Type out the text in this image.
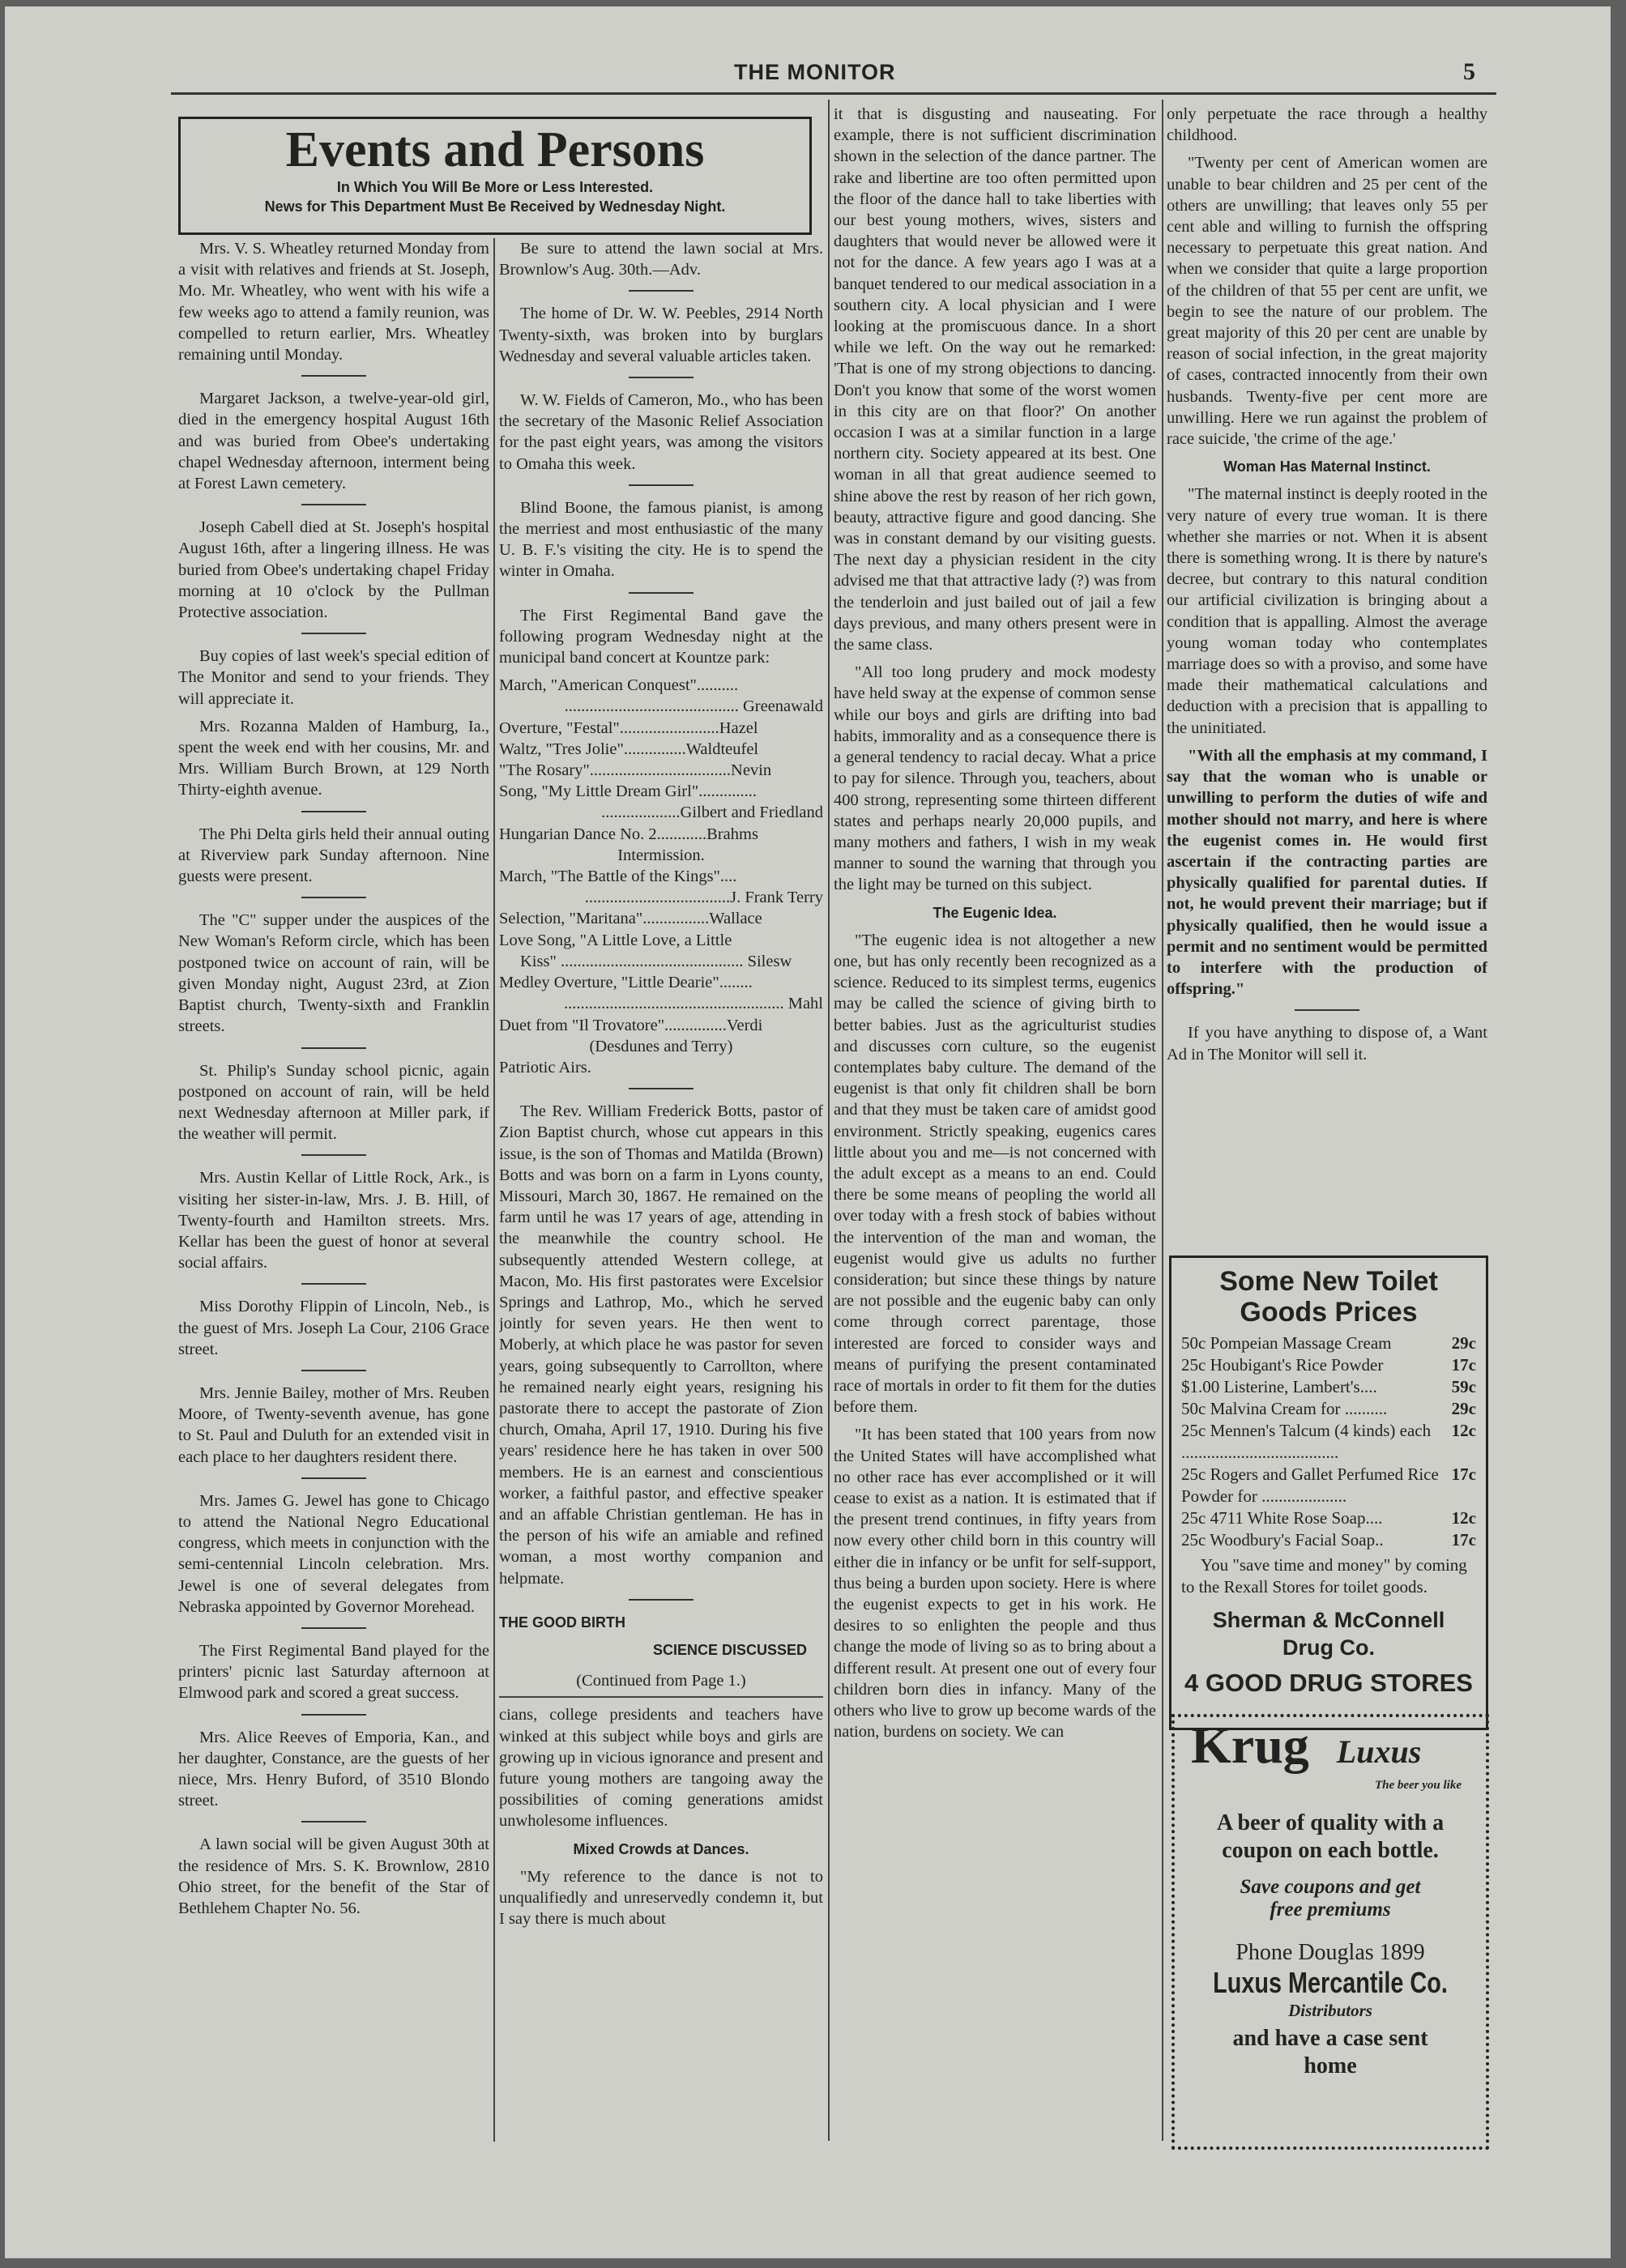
THE MONITOR	5
Events and Persons
In Which You Will Be More or Less Interested.
News for This Department Must Be Received by Wednesday Night.

Mrs. V. S. Wheatley returned Monday from a visit with relatives and friends at St. Joseph, Mo. Mr. Wheatley, who went with his wife a few weeks ago to attend a family reunion, was compelled to return earlier, Mrs. Wheatley remaining until Monday.

Margaret Jackson, a twelve-year-old girl, died in the emergency hospital August 16th and was buried from Obee's undertaking chapel Wednesday afternoon, interment being at Forest Lawn cemetery.

Joseph Cabell died at St. Joseph's hospital August 16th, after a lingering illness. He was buried from Obee's undertaking chapel Friday morning at 10 o'clock by the Pullman Protective association.

Buy copies of last week's special edition of The Monitor and send to your friends. They will appreciate it.

Mrs. Rozanna Malden of Hamburg, Ia., spent the week end with her cousins, Mr. and Mrs. William Burch Brown, at 129 North Thirty-eighth avenue.

The Phi Delta girls held their annual outing at Riverview park Sunday afternoon. Nine guests were present.

The "C" supper under the auspices of the New Woman's Reform circle, which has been postponed twice on account of rain, will be given Monday night, August 23rd, at Zion Baptist church, Twenty-sixth and Franklin streets.

St. Philip's Sunday school picnic, again postponed on account of rain, will be held next Wednesday afternoon at Miller park, if the weather will permit.

Mrs. Austin Kellar of Little Rock, Ark., is visiting her sister-in-law, Mrs. J. B. Hill, of Twenty-fourth and Hamilton streets. Mrs. Kellar has been the guest of honor at several social affairs.

Miss Dorothy Flippin of Lincoln, Neb., is the guest of Mrs. Joseph La Cour, 2106 Grace street.

Mrs. Jennie Bailey, mother of Mrs. Reuben Moore, of Twenty-seventh avenue, has gone to St. Paul and Duluth for an extended visit in each place to her daughters resident there.

Mrs. James G. Jewel has gone to Chicago to attend the National Negro Educational congress, which meets in conjunction with the semi-centennial Lincoln celebration. Mrs. Jewel is one of several delegates from Nebraska appointed by Governor Morehead.

The First Regimental Band played for the printers' picnic last Saturday afternoon at Elmwood park and scored a great success.

Mrs. Alice Reeves of Emporia, Kan., and her daughter, Constance, are the guests of her niece, Mrs. Henry Buford, of 3510 Blondo street.

A lawn social will be given August 30th at the residence of Mrs. S. K. Brownlow, 2810 Ohio street, for the benefit of the Star of Bethlehem Chapter No. 56.

Be sure to attend the lawn social at Mrs. Brownlow's Aug. 30th.—Adv.

The home of Dr. W. W. Peebles, 2914 North Twenty-sixth, was broken into by burglars Wednesday and several valuable articles taken.

W. W. Fields of Cameron, Mo., who has been the secretary of the Masonic Relief Association for the past eight years, was among the visitors to Omaha this week.

Blind Boone, the famous pianist, is among the merriest and most enthusiastic of the many U. B. F.'s visiting the city. He is to spend the winter in Omaha.

The First Regimental Band gave the following program Wednesday night at the municipal band concert at Kountze park:

March, "American Conquest"..........

.......................................... Greenawald

Overture, "Festal"........................Hazel

Waltz, "Tres Jolie"...............Waldteufel

"The Rosary"..................................Nevin

Song, "My Little Dream Girl"..............

...................Gilbert and Friedland

Hungarian Dance No. 2............Brahms

Intermission.

March, "The Battle of the Kings"....

...................................J. Frank Terry

Selection, "Maritana"................Wallace

Love Song, "A Little Love, a Little

Kiss" ............................................ Silesw

Medley Overture, "Little Dearie"........

..................................................... Mahl

Duet from "Il Trovatore"...............Verdi

(Desdunes and Terry)

Patriotic Airs.

The Rev. William Frederick Botts, pastor of Zion Baptist church, whose cut appears in this issue, is the son of Thomas and Matilda (Brown) Botts and was born on a farm in Lyons county, Missouri, March 30, 1867. He remained on the farm until he was 17 years of age, attending in the meanwhile the country school. He subsequently attended Western college, at Macon, Mo. His first pastorates were Excelsior Springs and Lathrop, Mo., which he served jointly for seven years. He then went to Moberly, at which place he was pastor for seven years, going subsequently to Carrollton, where he remained nearly eight years, resigning his pastorate there to accept the pastorate of Zion church, Omaha, April 17, 1910. During his five years' residence here he has taken in over 500 members. He is an earnest and conscientious worker, a faithful pastor, and effective speaker and an affable Christian gentleman. He has in the person of his wife an amiable and refined woman, a most worthy companion and helpmate.

THE GOOD BIRTH
SCIENCE DISCUSSED

(Continued from Page 1.)

cians, college presidents and teachers have winked at this subject while boys and girls are growing up in vicious ignorance and present and future young mothers are tangoing away the possibilities of coming generations amidst unwholesome influences.

Mixed Crowds at Dances.

"My reference to the dance is not to unqualifiedly and unreservedly condemn it, but I say there is much about

it that is disgusting and nauseating. For example, there is not sufficient discrimination shown in the selection of the dance partner. The rake and libertine are too often permitted upon the floor of the dance hall to take liberties with our best young mothers, wives, sisters and daughters that would never be allowed were it not for the dance. A few years ago I was at a banquet tendered to our medical association in a southern city. A local physician and I were looking at the promiscuous dance. In a short while we left. On the way out he remarked: 'That is one of my strong objections to dancing. Don't you know that some of the worst women in this city are on that floor?' On another occasion I was at a similar function in a large northern city. Society appeared at its best. One woman in all that great audience seemed to shine above the rest by reason of her rich gown, beauty, attractive figure and good dancing. She was in constant demand by our visiting guests. The next day a physician resident in the city advised me that that attractive lady (?) was from the tenderloin and just bailed out of jail a few days previous, and many others present were in the same class.

"All too long prudery and mock modesty have held sway at the expense of common sense while our boys and girls are drifting into bad habits, immorality and as a consequence there is a general tendency to racial decay. What a price to pay for silence. Through you, teachers, about 400 strong, representing some thirteen different states and perhaps nearly 20,000 pupils, and many mothers and fathers, I wish in my weak manner to sound the warning that through you the light may be turned on this subject.

The Eugenic Idea.

"The eugenic idea is not altogether a new one, but has only recently been recognized as a science. Reduced to its simplest terms, eugenics may be called the science of giving birth to better babies. Just as the agriculturist studies and discusses corn culture, so the eugenist contemplates baby culture. The demand of the eugenist is that only fit children shall be born and that they must be taken care of amidst good environment. Strictly speaking, eugenics cares little about you and me—is not concerned with the adult except as a means to an end. Could there be some means of peopling the world all over today with a fresh stock of babies without the intervention of the man and woman, the eugenist would give us adults no further consideration; but since these things by nature are not possible and the eugenic baby can only come through correct parentage, those interested are forced to consider ways and means of purifying the present contaminated race of mortals in order to fit them for the duties before them.

"It has been stated that 100 years from now the United States will have accomplished what no other race has ever accomplished or it will cease to exist as a nation. It is estimated that if the present trend continues, in fifty years from now every other child born in this country will either die in infancy or be unfit for self-support, thus being a burden upon society. Here is where the eugenist expects to get in his work. He desires to so enlighten the people and thus change the mode of living so as to bring about a different result. At present one out of every four children born dies in infancy. Many of the others who live to grow up become wards of the nation, burdens on society. We can

only perpetuate the race through a healthy childhood.

"Twenty per cent of American women are unable to bear children and 25 per cent of the others are unwilling; that leaves only 55 per cent able and willing to furnish the offspring necessary to perpetuate this great nation. And when we consider that quite a large proportion of the children of that 55 per cent are unfit, we begin to see the nature of our problem. The great majority of this 20 per cent are unable by reason of social infection, in the great majority of cases, contracted innocently from their own husbands. Twenty-five per cent more are unwilling. Here we run against the problem of race suicide, 'the crime of the age.'

Woman Has Maternal Instinct.

"The maternal instinct is deeply rooted in the very nature of every true woman. It is there whether she marries or not. When it is absent there is something wrong. It is there by nature's decree, but contrary to this natural condition our artificial civilization is bringing about a condition that is appalling. Almost the average young woman today who contemplates marriage does so with a proviso, and some have made their mathematical calculations and deduction with a precision that is appalling to the uninitiated.

"With all the emphasis at my command, I say that the woman who is unable or unwilling to perform the duties of wife and mother should not marry, and here is where the eugenist comes in. He would first ascertain if the contracting parties are physically qualified for parental duties. If not, he would prevent their marriage; but if physically qualified, then he would issue a permit and no sentiment would be permitted to interfere with the production of offspring."

If you have anything to dispose of, a Want Ad in The Monitor will sell it.

Some New Toilet
Goods Prices
29c
50c Pompeian Massage Cream
17c
25c Houbigant's Rice Powder
59c
$1.00 Listerine, Lambert's....
29c
50c Malvina Cream for ..........
12c
25c Mennen's Talcum (4 kinds) each .....................................
17c
25c Rogers and Gallet Perfumed Rice Powder for ....................
12c
25c 4711 White Rose Soap....
17c
25c Woodbury's Facial Soap..
You "save time and money" by coming to the Rexall Stores for toilet goods.
Sherman & McConnell
Drug Co.
4 GOOD DRUG STORES
Krug Luxus
The beer you like
A beer of quality with a coupon on each bottle.
Save coupons and get free premiums
Phone Douglas 1899
Luxus Mercantile Co.
Distributors
and have a case sent home
